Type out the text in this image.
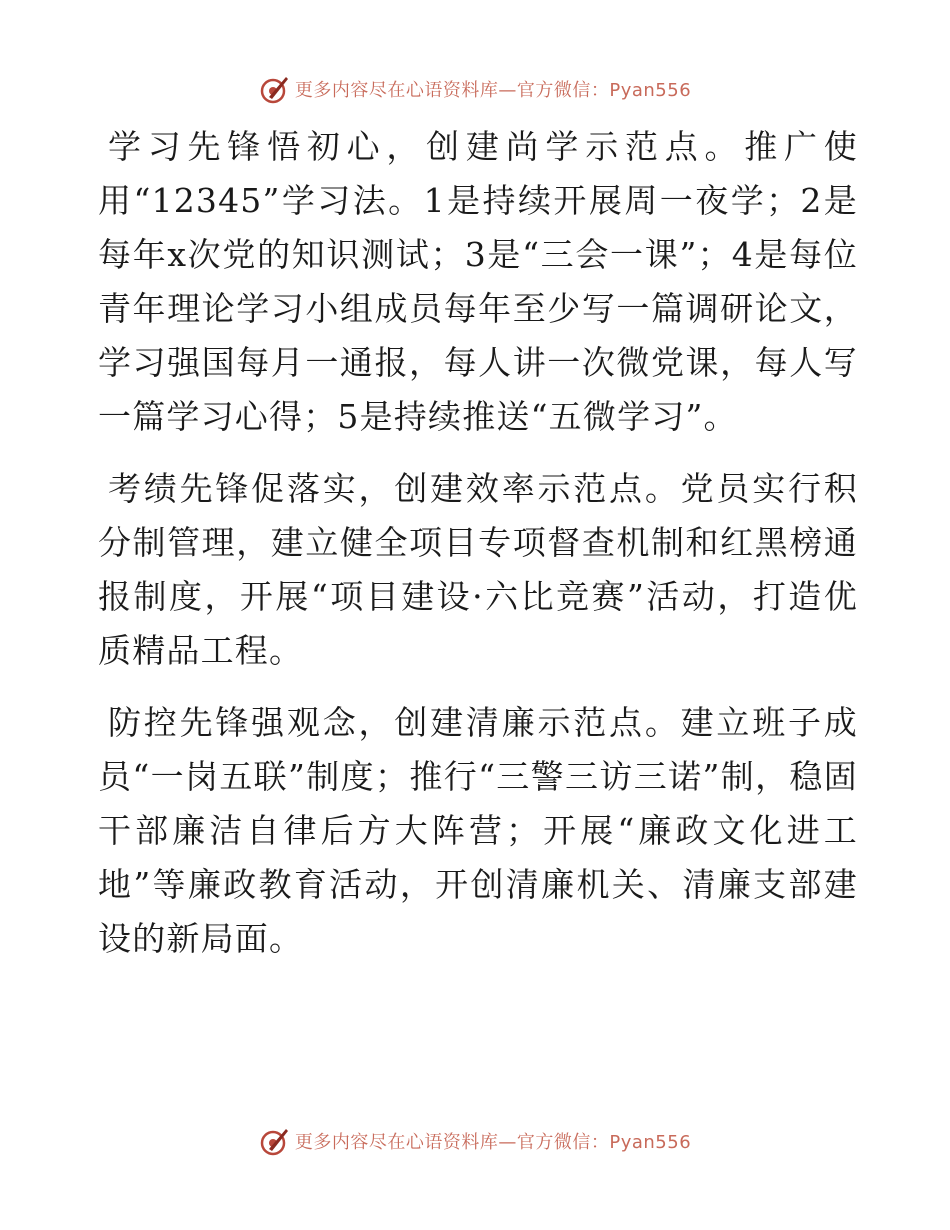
更多内容尽在心语资料库—官方微信：Pyan556

学习先锋悟初心，创建尚学示范点。推广使用“12345”学习法。1是持续开展周一夜学；2是每年x次党的知识测试；3是“三会一课”；4是每位青年理论学习小组成员每年至少写一篇调研论文，学习强国每月一通报，每人讲一次微党课，每人写一篇学习心得；5是持续推送“五微学习”。

考绩先锋促落实，创建效率示范点。党员实行积分制管理，建立健全项目专项督查机制和红黑榜通报制度，开展“项目建设·六比竞赛”活动，打造优质精品工程。

防控先锋强观念，创建清廉示范点。建立班子成员“一岗五联”制度；推行“三警三访三诺”制，稳固干部廉洁自律后方大阵营；开展“廉政文化进工地”等廉政教育活动，开创清廉机关、清廉支部建设的新局面。

更多内容尽在心语资料库—官方微信：Pyan556
